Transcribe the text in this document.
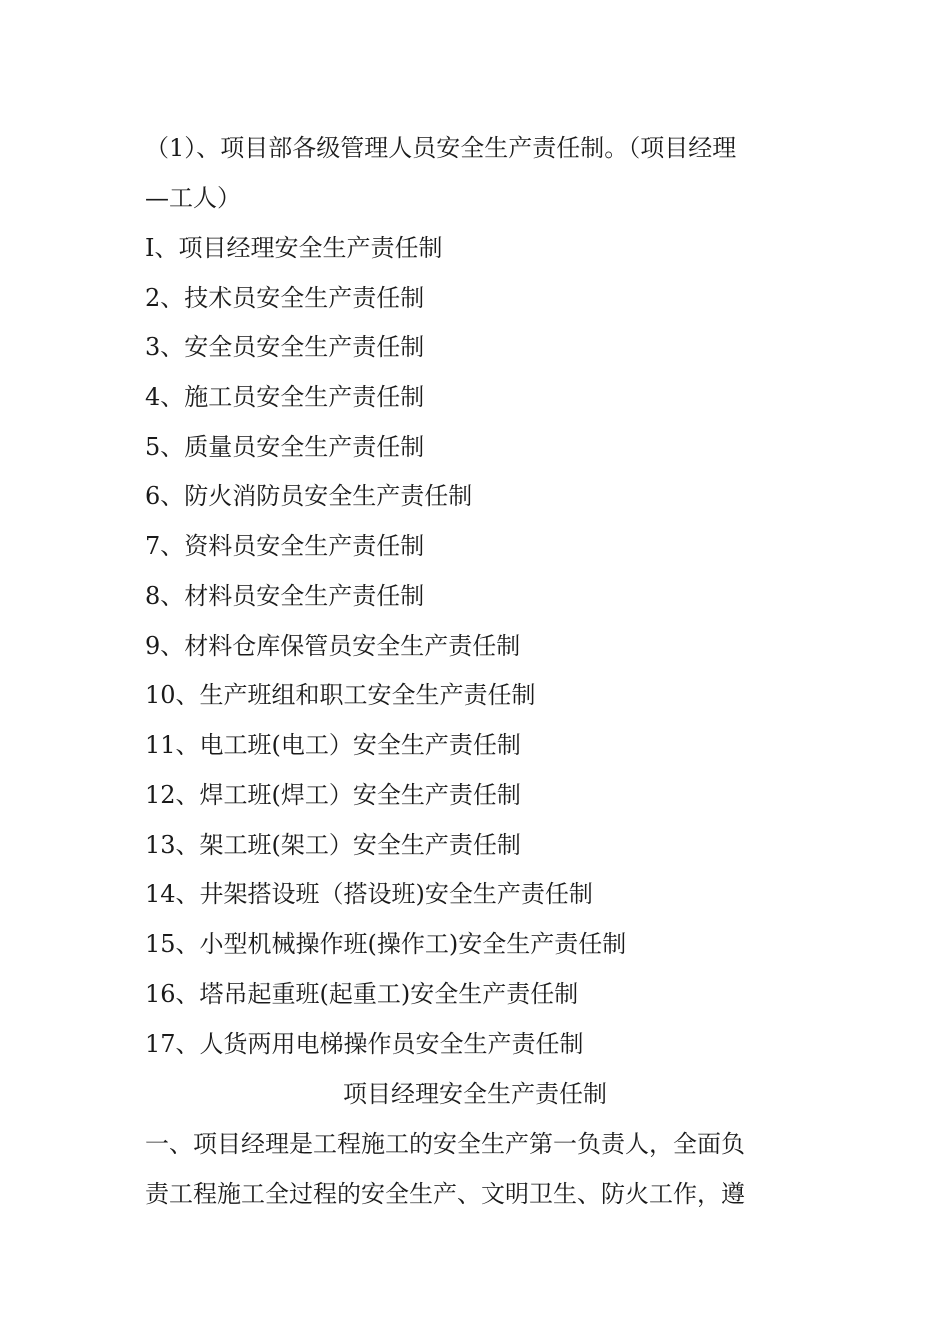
（1）、项目部各级管理人员安全生产责任制。（项目经理
—工人）
I、项目经理安全生产责任制
2、技术员安全生产责任制
3、安全员安全生产责任制
4、施工员安全生产责任制
5、质量员安全生产责任制
6、防火消防员安全生产责任制
7、资料员安全生产责任制
8、材料员安全生产责任制
9、材料仓库保管员安全生产责任制
10、生产班组和职工安全生产责任制
11、电工班(电工）安全生产责任制
12、焊工班(焊工）安全生产责任制
13、架工班(架工）安全生产责任制
14、井架搭设班（搭设班)安全生产责任制
15、小型机械操作班(操作工)安全生产责任制
16、塔吊起重班(起重工)安全生产责任制
17、人货两用电梯操作员安全生产责任制
项目经理安全生产责任制
一、项目经理是工程施工的安全生产第一负责人，全面负
责工程施工全过程的安全生产、文明卫生、防火工作，遵
